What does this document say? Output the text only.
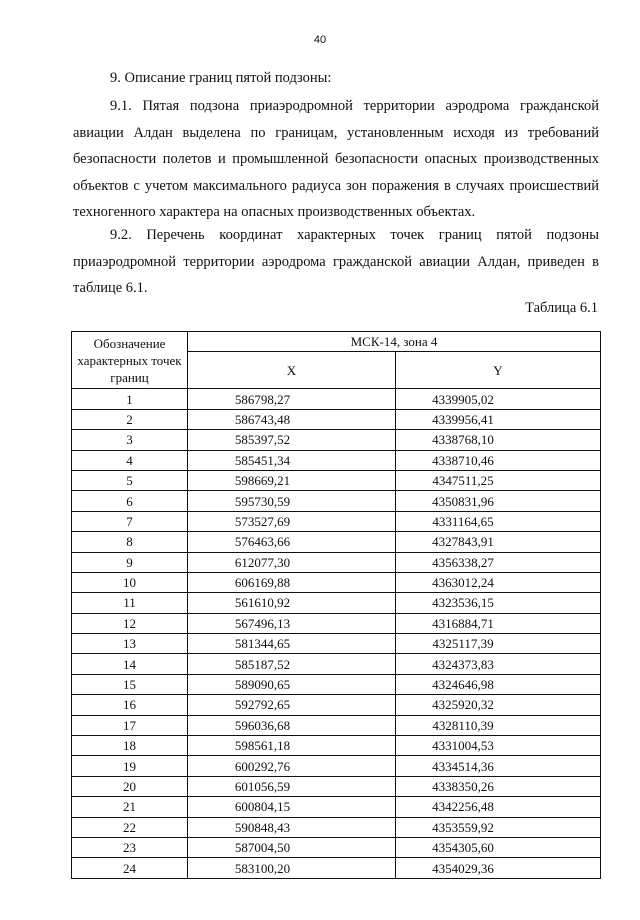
40
9. Описание границ пятой подзоны:

9.1. Пятая подзона приаэродромной территории аэродрома гражданской авиации Алдан выделена по границам, установленным исходя из требований безопасности полетов и промышленной безопасности опасных производственных объектов с учетом максимального радиуса зон поражения в случаях происшествий техногенного характера на опасных производственных объектах.

9.2. Перечень координат характерных точек границ пятой подзоны приаэродромной территории аэродрома гражданской авиации Алдан, приведен в таблице 6.1.

Таблица 6.1
Обозначение характерных точек границ	МСК-14, зона 4	
	X	Y
1	586798,27	4339905,02
2	586743,48	4339956,41
3	585397,52	4338768,10
4	585451,34	4338710,46
5	598669,21	4347511,25
6	595730,59	4350831,96
7	573527,69	4331164,65
8	576463,66	4327843,91
9	612077,30	4356338,27
10	606169,88	4363012,24
11	561610,92	4323536,15
12	567496,13	4316884,71
13	581344,65	4325117,39
14	585187,52	4324373,83
15	589090,65	4324646,98
16	592792,65	4325920,32
17	596036,68	4328110,39
18	598561,18	4331004,53
19	600292,76	4334514,36
20	601056,59	4338350,26
21	600804,15	4342256,48
22	590848,43	4353559,92
23	587004,50	4354305,60
24	583100,20	4354029,36
